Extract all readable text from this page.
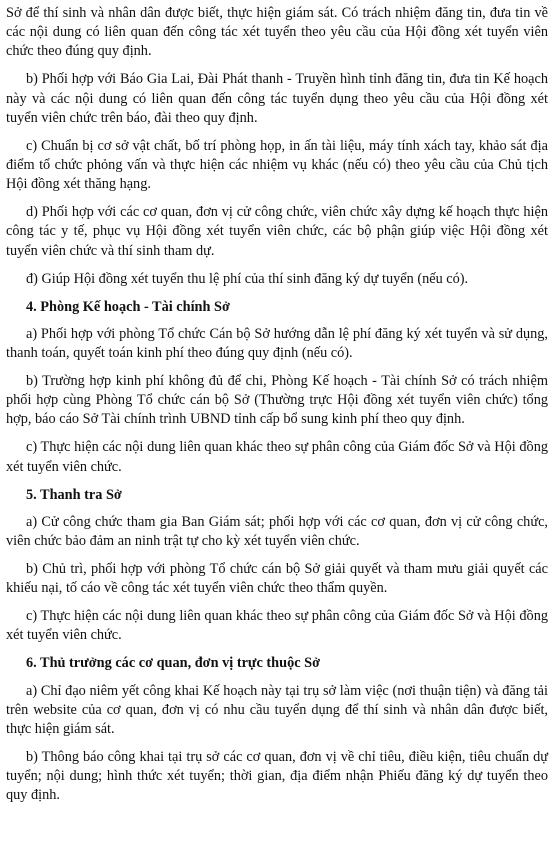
Sở để thí sinh và nhân dân được biết, thực hiện giám sát. Có trách nhiệm đăng tin, đưa tin về các nội dung có liên quan đến công tác xét tuyển theo yêu cầu của Hội đồng xét tuyển viên chức theo đúng quy định.

b) Phối hợp với Báo Gia Lai, Đài Phát thanh - Truyền hình tỉnh đăng tin, đưa tin Kế hoạch này và các nội dung có liên quan đến công tác tuyển dụng theo yêu cầu của Hội đồng xét tuyển viên chức trên báo, đài theo quy định.

c) Chuẩn bị cơ sở vật chất, bố trí phòng họp, in ấn tài liệu, máy tính xách tay, khảo sát địa điểm tổ chức phỏng vấn và thực hiện các nhiệm vụ khác (nếu có) theo yêu cầu của Chủ tịch Hội đồng xét thăng hạng.

d) Phối hợp với các cơ quan, đơn vị cử công chức, viên chức xây dựng kế hoạch thực hiện công tác y tế, phục vụ Hội đồng xét tuyển viên chức, các bộ phận giúp việc Hội đồng xét tuyển viên chức và thí sinh tham dự.

đ) Giúp Hội đồng xét tuyển thu lệ phí của thí sinh đăng ký dự tuyển (nếu có).

4. Phòng Kế hoạch - Tài chính Sở

a) Phối hợp với phòng Tổ chức Cán bộ Sở hướng dẫn lệ phí đăng ký xét tuyển và sử dụng, thanh toán, quyết toán kinh phí theo đúng quy định (nếu có).

b) Trường hợp kinh phí không đủ để chi, Phòng Kế hoạch - Tài chính Sở có trách nhiệm phối hợp cùng Phòng Tổ chức cán bộ Sở (Thường trực Hội đồng xét tuyển viên chức) tổng hợp, báo cáo Sở Tài chính trình UBND tỉnh cấp bổ sung kinh phí theo quy định.

c) Thực hiện các nội dung liên quan khác theo sự phân công của Giám đốc Sở và Hội đồng xét tuyển viên chức.

5. Thanh tra Sở

a) Cử công chức tham gia Ban Giám sát; phối hợp với các cơ quan, đơn vị cử công chức, viên chức bảo đảm an ninh trật tự cho kỳ xét tuyển viên chức.

b) Chủ trì, phối hợp với phòng Tổ chức cán bộ Sở giải quyết và tham mưu giải quyết các khiếu nại, tố cáo về công tác xét tuyển viên chức theo thẩm quyền.

c) Thực hiện các nội dung liên quan khác theo sự phân công của Giám đốc Sở và Hội đồng xét tuyển viên chức.

6. Thủ trưởng các cơ quan, đơn vị trực thuộc Sở

a) Chỉ đạo niêm yết công khai Kế hoạch này tại trụ sở làm việc (nơi thuận tiện) và đăng tải trên website của cơ quan, đơn vị có nhu cầu tuyển dụng để thí sinh và nhân dân được biết, thực hiện giám sát.

b) Thông báo công khai tại trụ sở các cơ quan, đơn vị về chỉ tiêu, điều kiện, tiêu chuẩn dự tuyển; nội dung; hình thức xét tuyển; thời gian, địa điểm nhận Phiếu đăng ký dự tuyển theo quy định.
